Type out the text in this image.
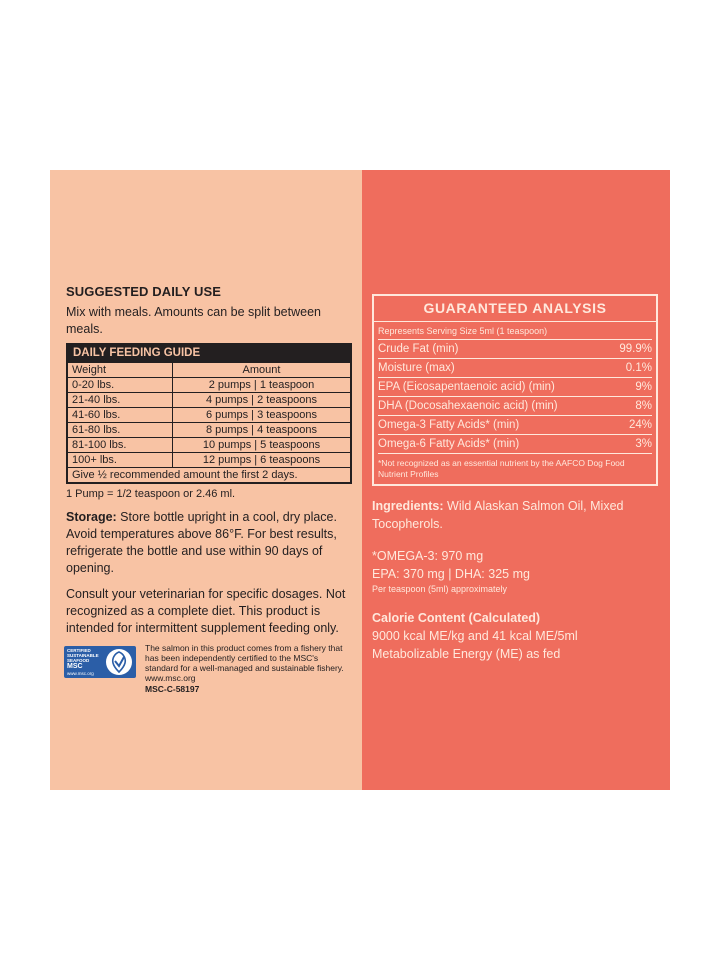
SUGGESTED DAILY USE

Mix with meals. Amounts can be split between meals.

DAILY FEEDING GUIDE
Weight	Amount
0-20 lbs.	2 pumps | 1 teaspoon
21-40 lbs.	4 pumps | 2 teaspoons
41-60 lbs.	6 pumps | 3 teaspoons
61-80 lbs.	8 pumps | 4 teaspoons
81-100 lbs.	10 pumps | 5 teaspoons
100+ lbs.	12 pumps | 6 teaspoons
Give ½ recommended amount the first 2 days.	

1 Pump = 1/2 teaspoon or 2.46 ml.

Storage: Store bottle upright in a cool, dry place. Avoid temperatures above 86°F. For best results, refrigerate the bottle and use within 90 days of opening.

Consult your veterinarian for specific dosages. Not recognized as a complete diet. This product is intended for intermittent supplement feeding only.

CERTIFIED SUSTAINABLE SEAFOOD
MSC
www.msc.org
The salmon in this product comes from a fishery that has been independently certified to the MSC's standard for a well-managed and sustainable fishery.
www.msc.org
MSC-C-58197
GUARANTEED ANALYSIS
Represents Serving Size 5ml (1 teaspoon)
Crude Fat (min)	99.9%
Moisture (max)	0.1%
EPA (Eicosapentaenoic acid) (min)	9%
DHA (Docosahexaenoic acid) (min)	8%
Omega-3 Fatty Acids* (min)	24%
Omega-6 Fatty Acids* (min)	3%
*Not recognized as an essential nutrient by the AAFCO Dog Food Nutrient Profiles

Ingredients: Wild Alaskan Salmon Oil, Mixed Tocopherols.

*OMEGA-3: 970 mg

EPA: 370 mg | DHA: 325 mg

Per teaspoon (5ml) approximately

Calorie Content (Calculated)

9000 kcal ME/kg and 41 kcal ME/5ml

Metabolizable Energy (ME) as fed
